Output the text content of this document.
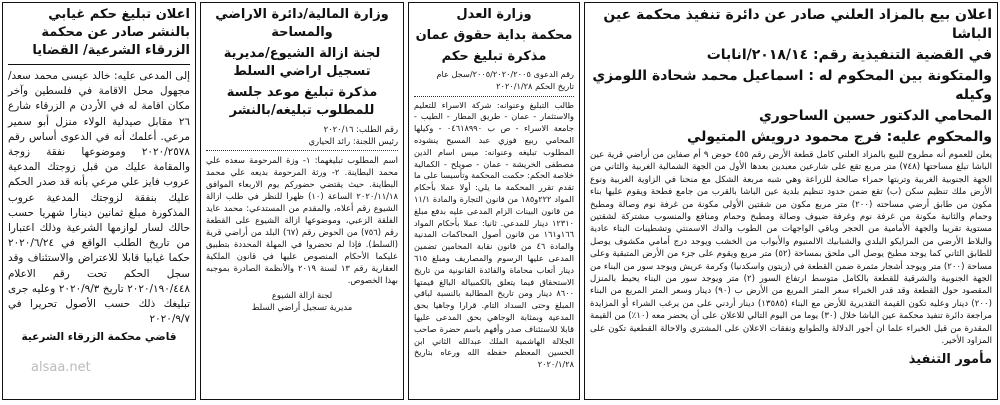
اعلان بيع بالمزاد العلني صادر عن دائرة تنفيذ محكمة عين الباشا
في القضية التنفيذية رقم: ٢٠١٨/١٤/انابات
والمتكونة بين المحكوم له : اسماعيل محمد شحادة اللومزي وكيله
المحامي الدكتور حسين الساحوري
والمحكوم عليه: فرج محمود درويش المتيولي

يعلن للعموم أنه مطروح للبيع بالمزاد العلني كامل قطعة الأرض رقم ٤٥٥ حوض ٩ أم صفاين من أراضي قرية عين الباشا تبلغ مساحتها (٧٤٨) متر مربع تقع على شارعين معبدين بعدها الأول من الجهة الشمالية الغربية والثاني من الجهة الجنوبية الغربية وتربتها حمراء صالحة للزراعة وهي شبه مربعة الشكل مع منحنا في الزاوية الغربية ونوع الأرض ملك تنظيم سكن (ب) تقع ضمن حدود تنظيم بلدية عين الباشا بالقرب من جامع فطحة ويقوم عليها بناء مكون من طابق أرضي مساحته (٢٠٠) متر مربع مكون من شقتين الأولى مكونة من غرفة نوم وصالة ومطبخ وحمام والثانية مكونة من غرفة نوم وغرفة ضيوف وصالة ومطبخ وحمام ومنافع والمنسوب مشتركة لشقتين مستوية تقريبا والجهة الأمامية من الحجر وباقي الواجهات من الطوب والدك الاسمنتي وتشطيبات البناء عادية والبلاط الأرضي من المزايكو البلدي والشبابيك الالمنيوم والأبواب من الخشب ويوجد درج أمامي مكشوف يوصل للطابق الثاني كما يوجد مطبخ يوصل الى ملحق بمساحة (٥٢) متر مربع ويقوم على جزء من الأرض المتبقية وعلى مساحة (٢٠٠) متر ويوجد أشجار مثمرة ضمن القطعة في (زيتون واسكدنيا) وكرمة عريش ويوجد سور من البناء من الجهة الجنوبية والشرقية للقطعة بالكامل متوسط ارتفاع السور (٢) متر ويوجد سور من البناء يحيط بالمنزل المقصود حول القطعة وقد قدر الخبراء سعر المتر المربع من الأرض ب (٩٠) دينار وسعر المتر المربع من البناء (٢٠٠) دينار وعليه تكون القيمة التقديرية للأرض مع البناء (١٣٥٨٥) دينار أردني على من يرغب الشراء أو المزايدة مراجعة دائرة تنفيذ محكمة عين الباشا خلال (٣٠) يوما من اليوم التالي للاعلان على أن يحضر معه (١٠٪) من القيمة المقدرة من قبل الخبراء علما ان أجور الدلالة والطوابع ونفقات الاعلان على المشتري والاحالة القطعية تكون على المزاود الأخير.

مأمور التنفيذ
وزارة العدل
محكمة بداية حقوق عمان
مذكرة تبليغ حكم

رقم الدعوى ٢٠٠٥/٢٠٢٠/٢٠٠٥/سجل عام

تاريخ الحكم ٢٠٢٠/١/٢٨

طالب التبليغ وعنوانه: شركة الاسراء للتعليم والاستثمار - عمان - طريق المطار - الطيب - جامعة الاسراء - ص ب ٠٤٦١٨٩٩٠ - وكيلها المحامي ربيع فوزي عبد المسيح ينشوده المطلوب تبليغه وعنوانه: ميس اسام الدين مصطفى الخريشة - عمان - صويلح - الكمالية خلاصة الحكم: حكمت المحكمة وتأسيسا على ما تقدم تقرر المحكمة ما يلي: أولا عملا بأحكام المواد ٢٢٢و١٨٥ من قانون التجارة والمادة ١١/١ من قانون البينات الزام المدعى عليه بدفع مبلغ ١٢٣١٠ دينار للمدعي. ثانيا: عملا بأحكام المواد ١٦٦و١٦١ من قانون أصول المحاكمات المدنية والمادة ٤٦ من قانون نقابة المحامين تضمين المدعى عليها الرسوم والمصاريف ومبلغ ٦١٥ دينار أتعاب محاماة والفائدة القانونية من تاريخ الاستحقاق فيما يتعلق بالكمبيالة البالغ قيمتها ٨٦٠٠ دينار ومن تاريخ المطالبة بالنسبة لباقي المبلغ وحتى السداد التام. قرارا وجاهيا بحق المدعية وبمثابة الوجاهي بحق المدعى عليها قابلا للاستئناف صدر وأفهم باسم حضرة صاحب الجلالة الهاشمية الملك عبدالله الثاني ابن الحسين المعظم حفظه الله ورعاه بتاريخ ٢٠٢٠/١/٢٨

وزارة المالية/دائرة الاراضي والمساحة
لجنة ازالة الشيوع/مديرية تسجيل اراضي السلط
مذكرة تبليغ موعد جلسة للمطلوب تبليغه/بالنشر

رقم الطلب: ٢٠٢٠/١٦

رئيس اللجنة: رائد الحياري

اسم المطلوب تبليغهما: ١- وزة المرحومة سعده علي محمد البطاينة. ٢- ورثة المرحومة بديعه علي محمد البطاينة. حيث يقتضي حضوركم يوم الاربعاء الموافق ٢٠٢٠/١١/١٨ الساعة (١٠) ظهرا للنظر في طلب ازالة الشيوع رقم أعلاه، والمقدم من المستدعي: محمد عايد الفلقة الزعبي، وموضوعها ازالة الشيوع على القطعة رقم (٧٥٦) من الحوض رقم (٦٧) البلد من أراضي قرية (السلط). فإذا لم تحضروا في المهلة المحددة بتطبيق عليكما الأحكام المنصوص عليها في قانون الملكية العقارية رقم ١٣ لسنة ٢٠١٩ والأنظمة الصادرة بموجبه بهذا الخصوص.

لجنة ازالة الشيوع

مديرية تسجيل أراضي السلط

اعلان تبليغ حكم غيابي بالنشر صادر عن محكمة الزرقاء الشرعية/ القضايا

إلى المدعى عليه: خالد عيسى محمد سعد/مجهول محل الاقامة في فلسطين وآخر مكان اقامة له في الأردن م الزرقاء شارع ٢٦ مقابل صيدلية الولاء منزل أبو سمير مرعي. أعلمك أنه في الدعوى أساس رقم ٢٠٢٠/٢٥٧٨ وموضوعها نفقة زوجة والمقامة عليك من قبل زوجتك المدعية عروب فايز علي مرعي بأنه قد صدر الحكم عليك بنفقة لزوجتك المدعية عروب المذكورة مبلغ ثمانين دينارا شهريا حسب حالك لسار لوازمها الشرعية وذلك اعتبارا من تاريخ الطلب الواقع في ٢٠٢٠/٦/٢٤ حكما غيابيا قابلا للاعتراض والاستئناف وقد سجل الحكم تحت رقم الاعلام ٢٠٢٠/١٩٠/٤٤٨ تاريخ ٢٠٢٠/٩/٣ وعليه جرى تبليغك ذلك حسب الأصول تحريرا في ٢٠٢٠/٩/٧

قاضي محكمة الزرقاء الشرعية

alsaa.net
